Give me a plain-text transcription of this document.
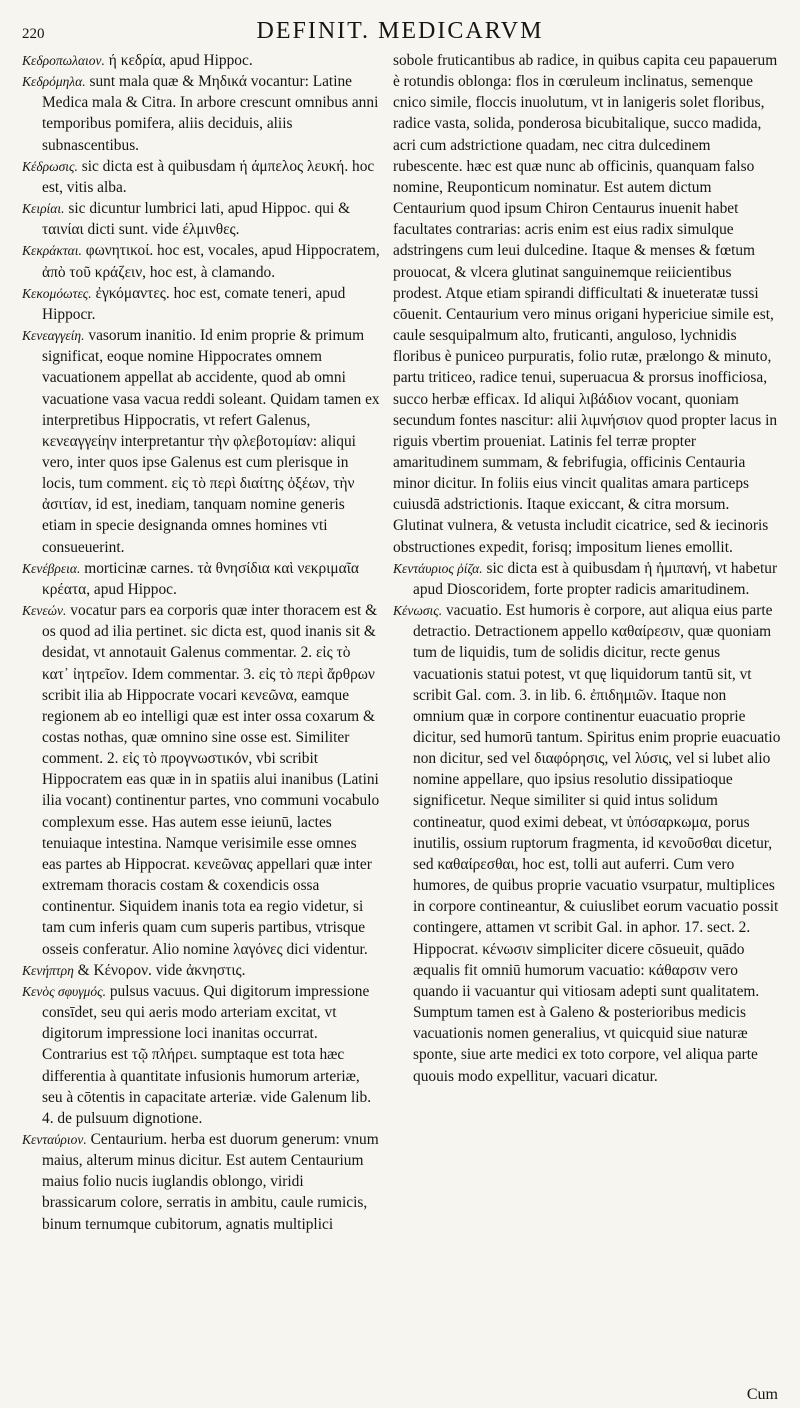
220	DEFINIT. MEDICARVM

Κεδροπωλαιον. ή κεδρία, apud Hippoc.

Κεδρόμηλα. sunt mala quæ & Μηδικά vocantur: Latine Medica mala & Citra. In arbore crescunt omnibus anni temporibus pomifera, aliis deciduis, aliis subnascentibus.

Κέδρωσις. sic dicta est à quibusdam ή άμπελος λευκή. hoc est, vitis alba.

Κειρίαι. sic dicuntur lumbrici lati, apud Hippoc. qui & ταινίαι dicti sunt. vide έλμινθες.

Κεκράκται. φωνητικοί. hoc est, vocales, apud Hippocratem, ἀπὸ τοῦ κράζειν, hoc est, à clamando.

Κεκομόωτες. ἐγκόμαντες. hoc est, comate teneri, apud Hippocr.

Κενεαγγείη. vasorum inanitio. Id enim proprie & primum significat, eoque nomine Hippocrates omnem vacuationem appellat ab accidente, quod ab omni vacuatione vasa vacua reddi soleant. Quidam tamen ex interpretibus Hippocratis, vt refert Galenus, κενεαγγείην interpretantur τὴν φλεβοτομίαν: aliqui vero, inter quos ipse Galenus est cum plerisque in locis, tum comment. εἰς τὸ περὶ διαίτης ὀξέων, τὴν ἀσιτίαν, id est, inediam, tanquam nomine generis etiam in specie designanda omnes homines vti consueuerint.

Κενέβρεια. morticinæ carnes. τὰ θνησίδια καὶ νεκριμαῖα κρέατα, apud Hippoc.

Κενεών. vocatur pars ea corporis quæ inter thoracem est & os quod ad ilia pertinet. sic dicta est, quod inanis sit & desidat, vt annotauit Galenus commentar. 2. εἰς τὸ κατ᾽ ἰητρεῖον. Idem commentar. 3. εἰς τὸ περὶ ἄρθρων scribit ilia ab Hippocrate vocari κενεῶνα, eamque regionem ab eo intelligi quæ est inter ossa coxarum & costas nothas, quæ omnino sine osse est. Similiter comment. 2. εἰς τὸ προγνωστικόν, vbi scribit Hippocratem eas quæ in in spatiis alui inanibus (Latini ilia vocant) continentur partes, vno communi vocabulo complexum esse. Has autem esse ieiunū, lactes tenuiaque intestina. Namque verisimile esse omnes eas partes ab Hippocrat. κενεῶνας appellari quæ inter extremam thoracis costam & coxendicis ossa continentur. Siquidem inanis tota ea regio videtur, si tam cum inferis quam cum superis partibus, vtrisque osseis conferatur. Alio nomine λαγόνες dici videntur.

Κενήπτρη & Κένορον. vide ἀκνηστις.

Κενὸς σφυγμός. pulsus vacuus. Qui digitorum impressione consīdet, seu qui aeris modo arteriam excitat, vt digitorum impressione loci inanitas occurrat. Contrarius est τῷ πλήρει. sumptaque est tota hæc differentia à quantitate infusionis humorum arteriæ, seu à cōtentis in capacitate arteriæ. vide Galenum lib. 4. de pulsuum dignotione.

Κενταύριον. Centaurium. herba est duorum generum: vnum maius, alterum minus dicitur. Est autem Centaurium maius folio nucis iuglandis oblongo, viridi brassicarum colore, serratis in ambitu, caule rumicis, binum ternumque cubitorum, agnatis multiplici

sobole fruticantibus ab radice, in quibus capita ceu papauerum è rotundis oblonga: flos in cœruleum inclinatus, semenque cnico simile, floccis inuolutum, vt in lanigeris solet floribus, radice vasta, solida, ponderosa bicubitalique, succo madida, acri cum adstrictione quadam, nec citra dulcedinem rubescente. hæc est quæ nunc ab officinis, quanquam falso nomine, Reuponticum nominatur. Est autem dictum Centaurium quod ipsum Chiron Centaurus inuenit habet facultates contrarias: acris enim est eius radix simulque adstringens cum leui dulcedine. Itaque & menses & fœtum prouocat, & vlcera glutinat sanguinemque reiicientibus prodest. Atque etiam spirandi difficultati & inueteratæ tussi cōuenit. Centaurium vero minus origani hypericiue simile est, caule sesquipalmum alto, fruticanti, anguloso, lychnidis floribus è puniceo purpuratis, folio rutæ, prælongo & minuto, partu triticeo, radice tenui, superuacua & prorsus inofficiosa, succo herbæ efficax. Id aliqui λιβάδιον vocant, quoniam secundum fontes nascitur: alii λιμνήσιον quod propter lacus in riguis vbertim proueniat. Latinis fel terræ propter amaritudinem summam, & febrifugia, officinis Centauria minor dicitur. In foliis eius vincit qualitas amara particeps cuiusdā adstrictionis. Itaque exiccant, & citra morsum. Glutinat vulnera, & vetusta includit cicatrice, sed & iecinoris obstructiones expedit, forisq; impositum lienes emollit.

Κεντάυριος ῥίζα. sic dicta est à quibusdam ἡ ἡμιπανή, vt habetur apud Dioscoridem, forte propter radicis amaritudinem.

Κένωσις. vacuatio. Est humoris è corpore, aut aliqua eius parte detractio. Detractionem appello καθαίρεσιν, quæ quoniam tum de liquidis, tum de solidis dicitur, recte genus vacuationis statui potest, vt quę liquidorum tantū sit, vt scribit Gal. com. 3. in lib. 6. ἐπιδημιῶν. Itaque non omnium quæ in corpore continentur euacuatio proprie dicitur, sed humorū tantum. Spiritus enim proprie euacuatio non dicitur, sed vel διαφόρησις, vel λύσις, vel si lubet alio nomine appellare, quo ipsius resolutio dissipatioque significetur. Neque similiter si quid intus solidum contineatur, quod eximi debeat, vt ὑπόσαρκωμα, porus inutilis, ossium ruptorum fragmenta, id κενοῦσθαι dicetur, sed καθαίρεσθαι, hoc est, tolli aut auferri. Cum vero humores, de quibus proprie vacuatio vsurpatur, multiplices in corpore contineantur, & cuiuslibet eorum vacuatio possit contingere, attamen vt scribit Gal. in aphor. 17. sect. 2. Hippocrat. κένωσιν simpliciter dicere cōsueuit, quādo æqualis fit omniū humorum vacuatio: κάθαρσιν vero quando ii vacuantur qui vitiosam adepti sunt qualitatem. Sumptum tamen est à Galeno & posterioribus medicis vacuationis nomen generalius, vt quicquid siue naturæ sponte, siue arte medici ex toto corpore, vel aliqua parte quouis modo expellitur, vacuari dicatur.

Cum
